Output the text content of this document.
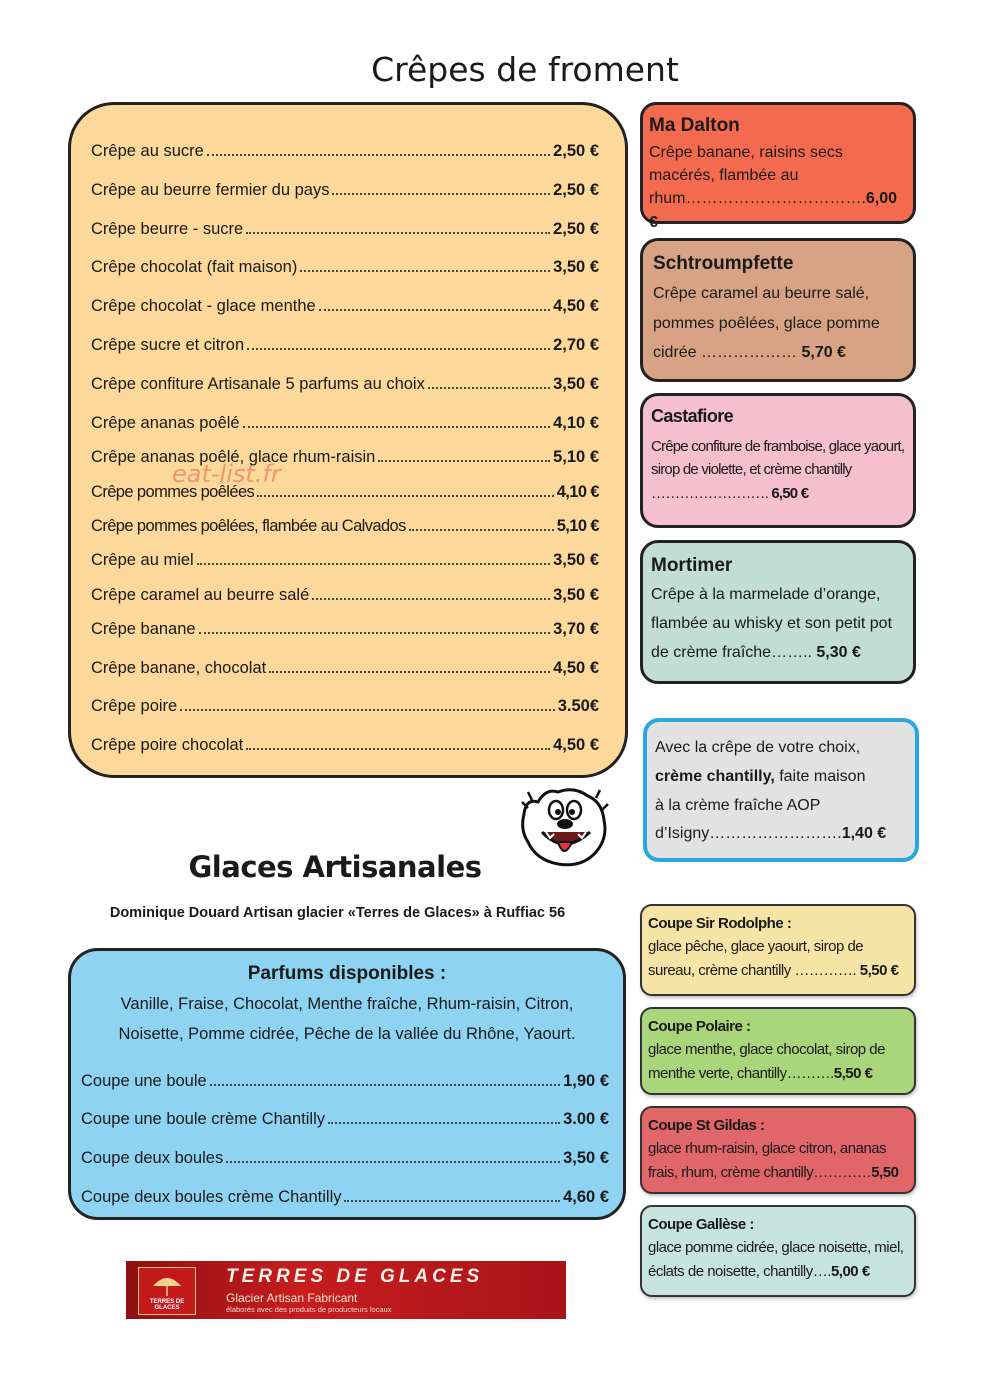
Crêpes de froment
Crêpe au sucre	2,50 €
Crêpe au beurre fermier du pays	2,50 €
Crêpe beurre - sucre	2,50 €
Crêpe chocolat (fait maison)	3,50 €
Crêpe chocolat - glace menthe	4,50 €
Crêpe sucre et citron	2,70 €
Crêpe confiture Artisanale 5 parfums au choix	3,50 €
Crêpe ananas poêlé	4,10 €
Crêpe ananas poêlé, glace rhum-raisin	5,10 €
Crêpe pommes poêlées	4,10 €
Crêpe pommes poêlées, flambée au Calvados	5,10 €
Crêpe au miel	3,50 €
Crêpe caramel au beurre salé	3,50 €
Crêpe banane	3,70 €
Crêpe banane, chocolat	4,50 €
Crêpe poire	3.50€
Crêpe poire chocolat	4,50 €
eat-list.fr
Ma Dalton

Crêpe banane, raisins secs macérés, flambée au rhum…………………………….6,00 €

Schtroumpfette

Crêpe caramel au beurre salé, pommes poêlées, glace pomme cidrée ……………… 5,70 €

Castafiore

Crêpe confiture de framboise, glace yaourt, sirop de violette, et crème chantilly ……………………. 6,50 €

Mortimer

Crêpe à la marmelade d’orange, flambée au whisky et son petit pot de crème fraîche…….. 5,30 €

Avec la crêpe de votre choix,
crème chantilly, faite maison
à la crème fraîche AOP
d’Isigny…………………….1,40 €
Glaces Artisanales
Dominique Douard Artisan glacier «Terres de Glaces» à Ruffiac 56
Parfums disponibles :
Vanille, Fraise, Chocolat, Menthe fraîche, Rhum-raisin, Citron,
Noisette, Pomme cidrée, Pêche de la vallée du Rhône, Yaourt.
Coupe une boule	1,90 €
Coupe une boule crème Chantilly	3.00 €
Coupe deux boules	3,50 €
Coupe deux boules crème Chantilly	4,60 €
Coupe Sir Rodolphe :

glace pêche, glace yaourt, sirop de sureau, crème chantilly …………. 5,50 €

Coupe Polaire :

glace menthe, glace chocolat, sirop de menthe verte, chantilly……….5,50 €

Coupe St Gildas :

glace rhum-raisin, glace citron, ananas frais, rhum, crème chantilly…………5,50

Coupe Gallèse :

glace pomme cidrée, glace noisette, miel, éclats de noisette, chantilly….5,00 €

TERRES DE GLACES
TERRES DE GLACES
Glacier Artisan Fabricant
élaborés avec des produits de producteurs locaux
